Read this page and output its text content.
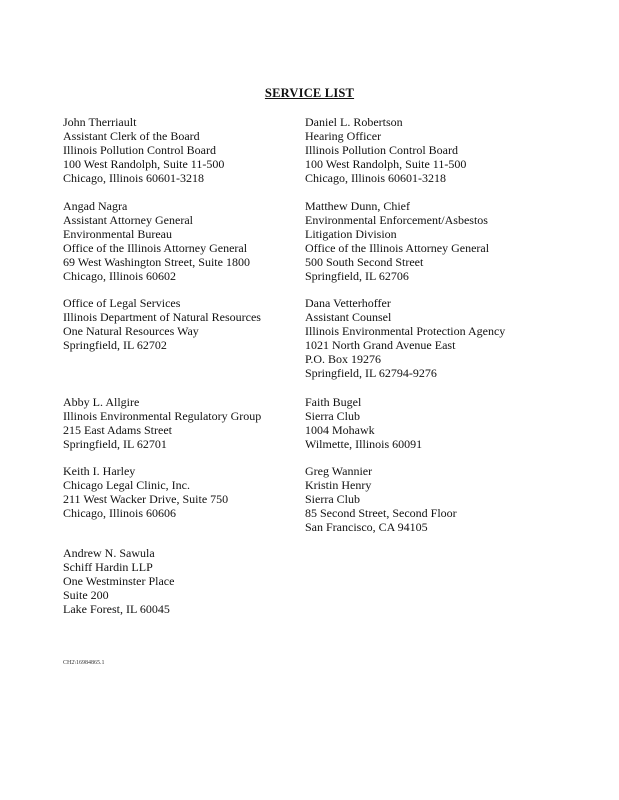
SERVICE LIST
John Therriault
Assistant Clerk of the Board
Illinois Pollution Control Board
100 West Randolph, Suite 11-500
Chicago, Illinois 60601-3218
Daniel L. Robertson
Hearing Officer
Illinois Pollution Control Board
100 West Randolph, Suite 11-500
Chicago, Illinois 60601-3218
Angad Nagra
Assistant Attorney General
Environmental Bureau
Office of the Illinois Attorney General
69 West Washington Street, Suite 1800
Chicago, Illinois 60602
Matthew Dunn, Chief
Environmental Enforcement/Asbestos
Litigation Division
Office of the Illinois Attorney General
500 South Second Street
Springfield, IL 62706
Office of Legal Services
Illinois Department of Natural Resources
One Natural Resources Way
Springfield, IL 62702
Dana Vetterhoffer
Assistant Counsel
Illinois Environmental Protection Agency
1021 North Grand Avenue East
P.O. Box 19276
Springfield, IL 62794-9276
Abby L. Allgire
Illinois Environmental Regulatory Group
215 East Adams Street
Springfield, IL 62701
Faith Bugel
Sierra Club
1004 Mohawk
Wilmette, Illinois 60091
Keith I. Harley
Chicago Legal Clinic, Inc.
211 West Wacker Drive, Suite 750
Chicago, Illinois 60606
Greg Wannier
Kristin Henry
Sierra Club
85 Second Street, Second Floor
San Francisco, CA 94105
Andrew N. Sawula
Schiff Hardin LLP
One Westminster Place
Suite 200
Lake Forest, IL 60045
CH2\16984865.1
